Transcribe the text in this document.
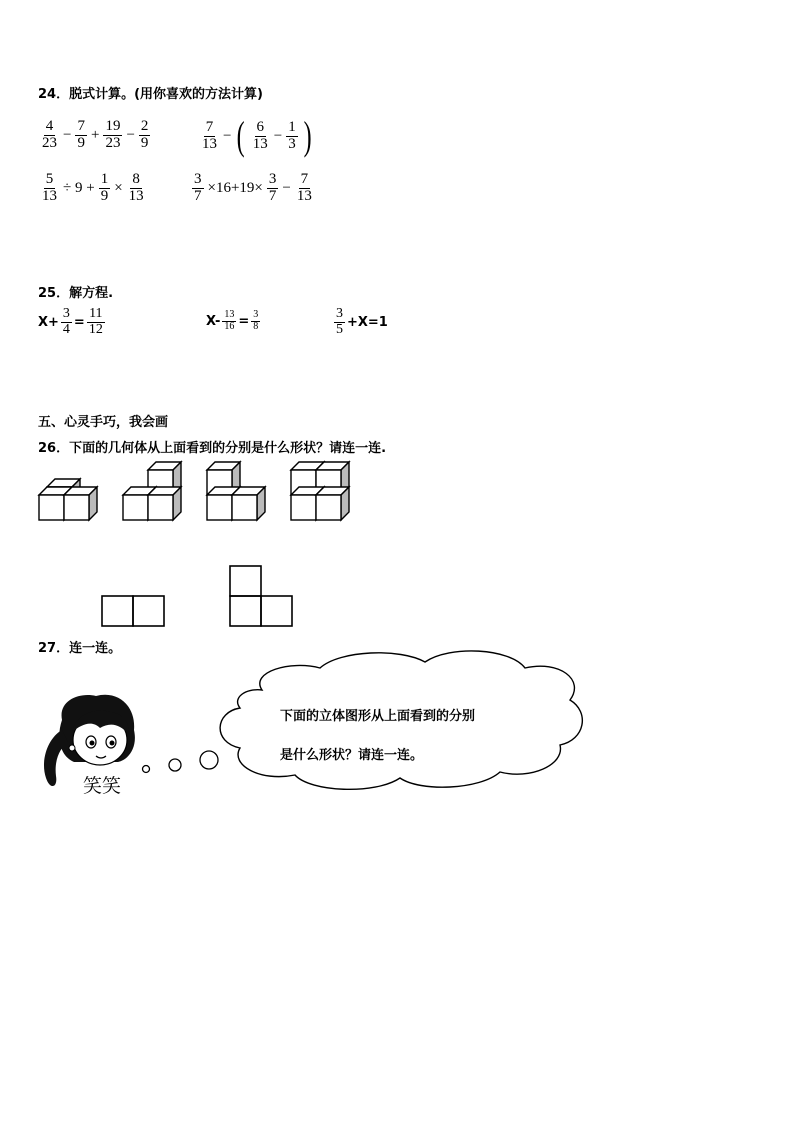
24．脱式计算。(用你喜欢的方法计算)
$\frac{4}{23} - \frac{7}{9} + \frac{19}{23} - \frac{2}{9}$	$\frac{7}{13}$ − ( $\frac{6}{13} - \frac{1}{3}$ )
$\frac{5}{13} \div 9 + \frac{1}{9} \times \frac{8}{13}$	$\frac{3}{7} \times 16+19\times \frac{3}{7} - \frac{7}{13}$
25．解方程.
$X+ \frac{3}{4} = \frac{11}{12}$	$X- \frac{13}{16} = \frac{3}{8}$	$\frac{3}{5} +X=1$
五、心灵手巧，我会画
26．下面的几何体从上面看到的分别是什么形状？请连一连.
27．连一连。
笑笑
下面的立体图形从上面看到的分别
是什么形状？请连一连。
